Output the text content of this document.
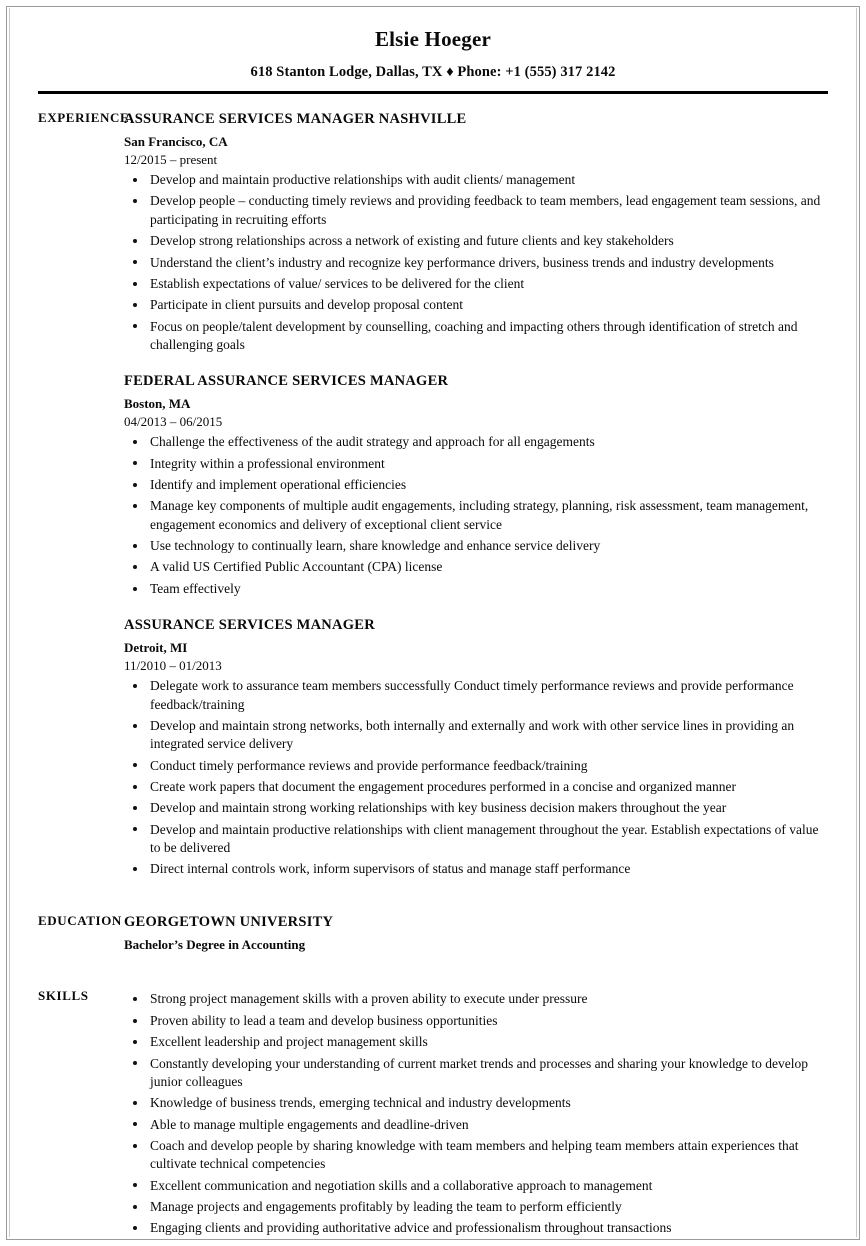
Elsie Hoeger
618 Stanton Lodge, Dallas, TX ♦ Phone: +1 (555) 317 2142
EXPERIENCE
ASSURANCE SERVICES MANAGER NASHVILLE
San Francisco, CA
12/2015 – present
Develop and maintain productive relationships with audit clients/ management
Develop people – conducting timely reviews and providing feedback to team members, lead engagement team sessions, and participating in recruiting efforts
Develop strong relationships across a network of existing and future clients and key stakeholders
Understand the client’s industry and recognize key performance drivers, business trends and industry developments
Establish expectations of value/ services to be delivered for the client
Participate in client pursuits and develop proposal content
Focus on people/talent development by counselling, coaching and impacting others through identification of stretch and challenging goals
FEDERAL ASSURANCE SERVICES MANAGER
Boston, MA
04/2013 – 06/2015
Challenge the effectiveness of the audit strategy and approach for all engagements
Integrity within a professional environment
Identify and implement operational efficiencies
Manage key components of multiple audit engagements, including strategy, planning, risk assessment, team management, engagement economics and delivery of exceptional client service
Use technology to continually learn, share knowledge and enhance service delivery
A valid US Certified Public Accountant (CPA) license
Team effectively
ASSURANCE SERVICES MANAGER
Detroit, MI
11/2010 – 01/2013
Delegate work to assurance team members successfully Conduct timely performance reviews and provide performance feedback/training
Develop and maintain strong networks, both internally and externally and work with other service lines in providing an integrated service delivery
Conduct timely performance reviews and provide performance feedback/training
Create work papers that document the engagement procedures performed in a concise and organized manner
Develop and maintain strong working relationships with key business decision makers throughout the year
Develop and maintain productive relationships with client management throughout the year. Establish expectations of value to be delivered
Direct internal controls work, inform supervisors of status and manage staff performance
EDUCATION GEORGETOWN UNIVERSITY
Bachelor’s Degree in Accounting
SKILLS	Strong project management skills with a proven ability to execute under pressure
Proven ability to lead a team and develop business opportunities
Excellent leadership and project management skills
Constantly developing your understanding of current market trends and processes and sharing your knowledge to develop junior colleagues
Knowledge of business trends, emerging technical and industry developments
Able to manage multiple engagements and deadline-driven
Coach and develop people by sharing knowledge with team members and helping team members attain experiences that cultivate technical competencies
Excellent communication and negotiation skills and a collaborative approach to management
Manage projects and engagements profitably by leading the team to perform efficiently
Engaging clients and providing authoritative advice and professionalism throughout transactions
